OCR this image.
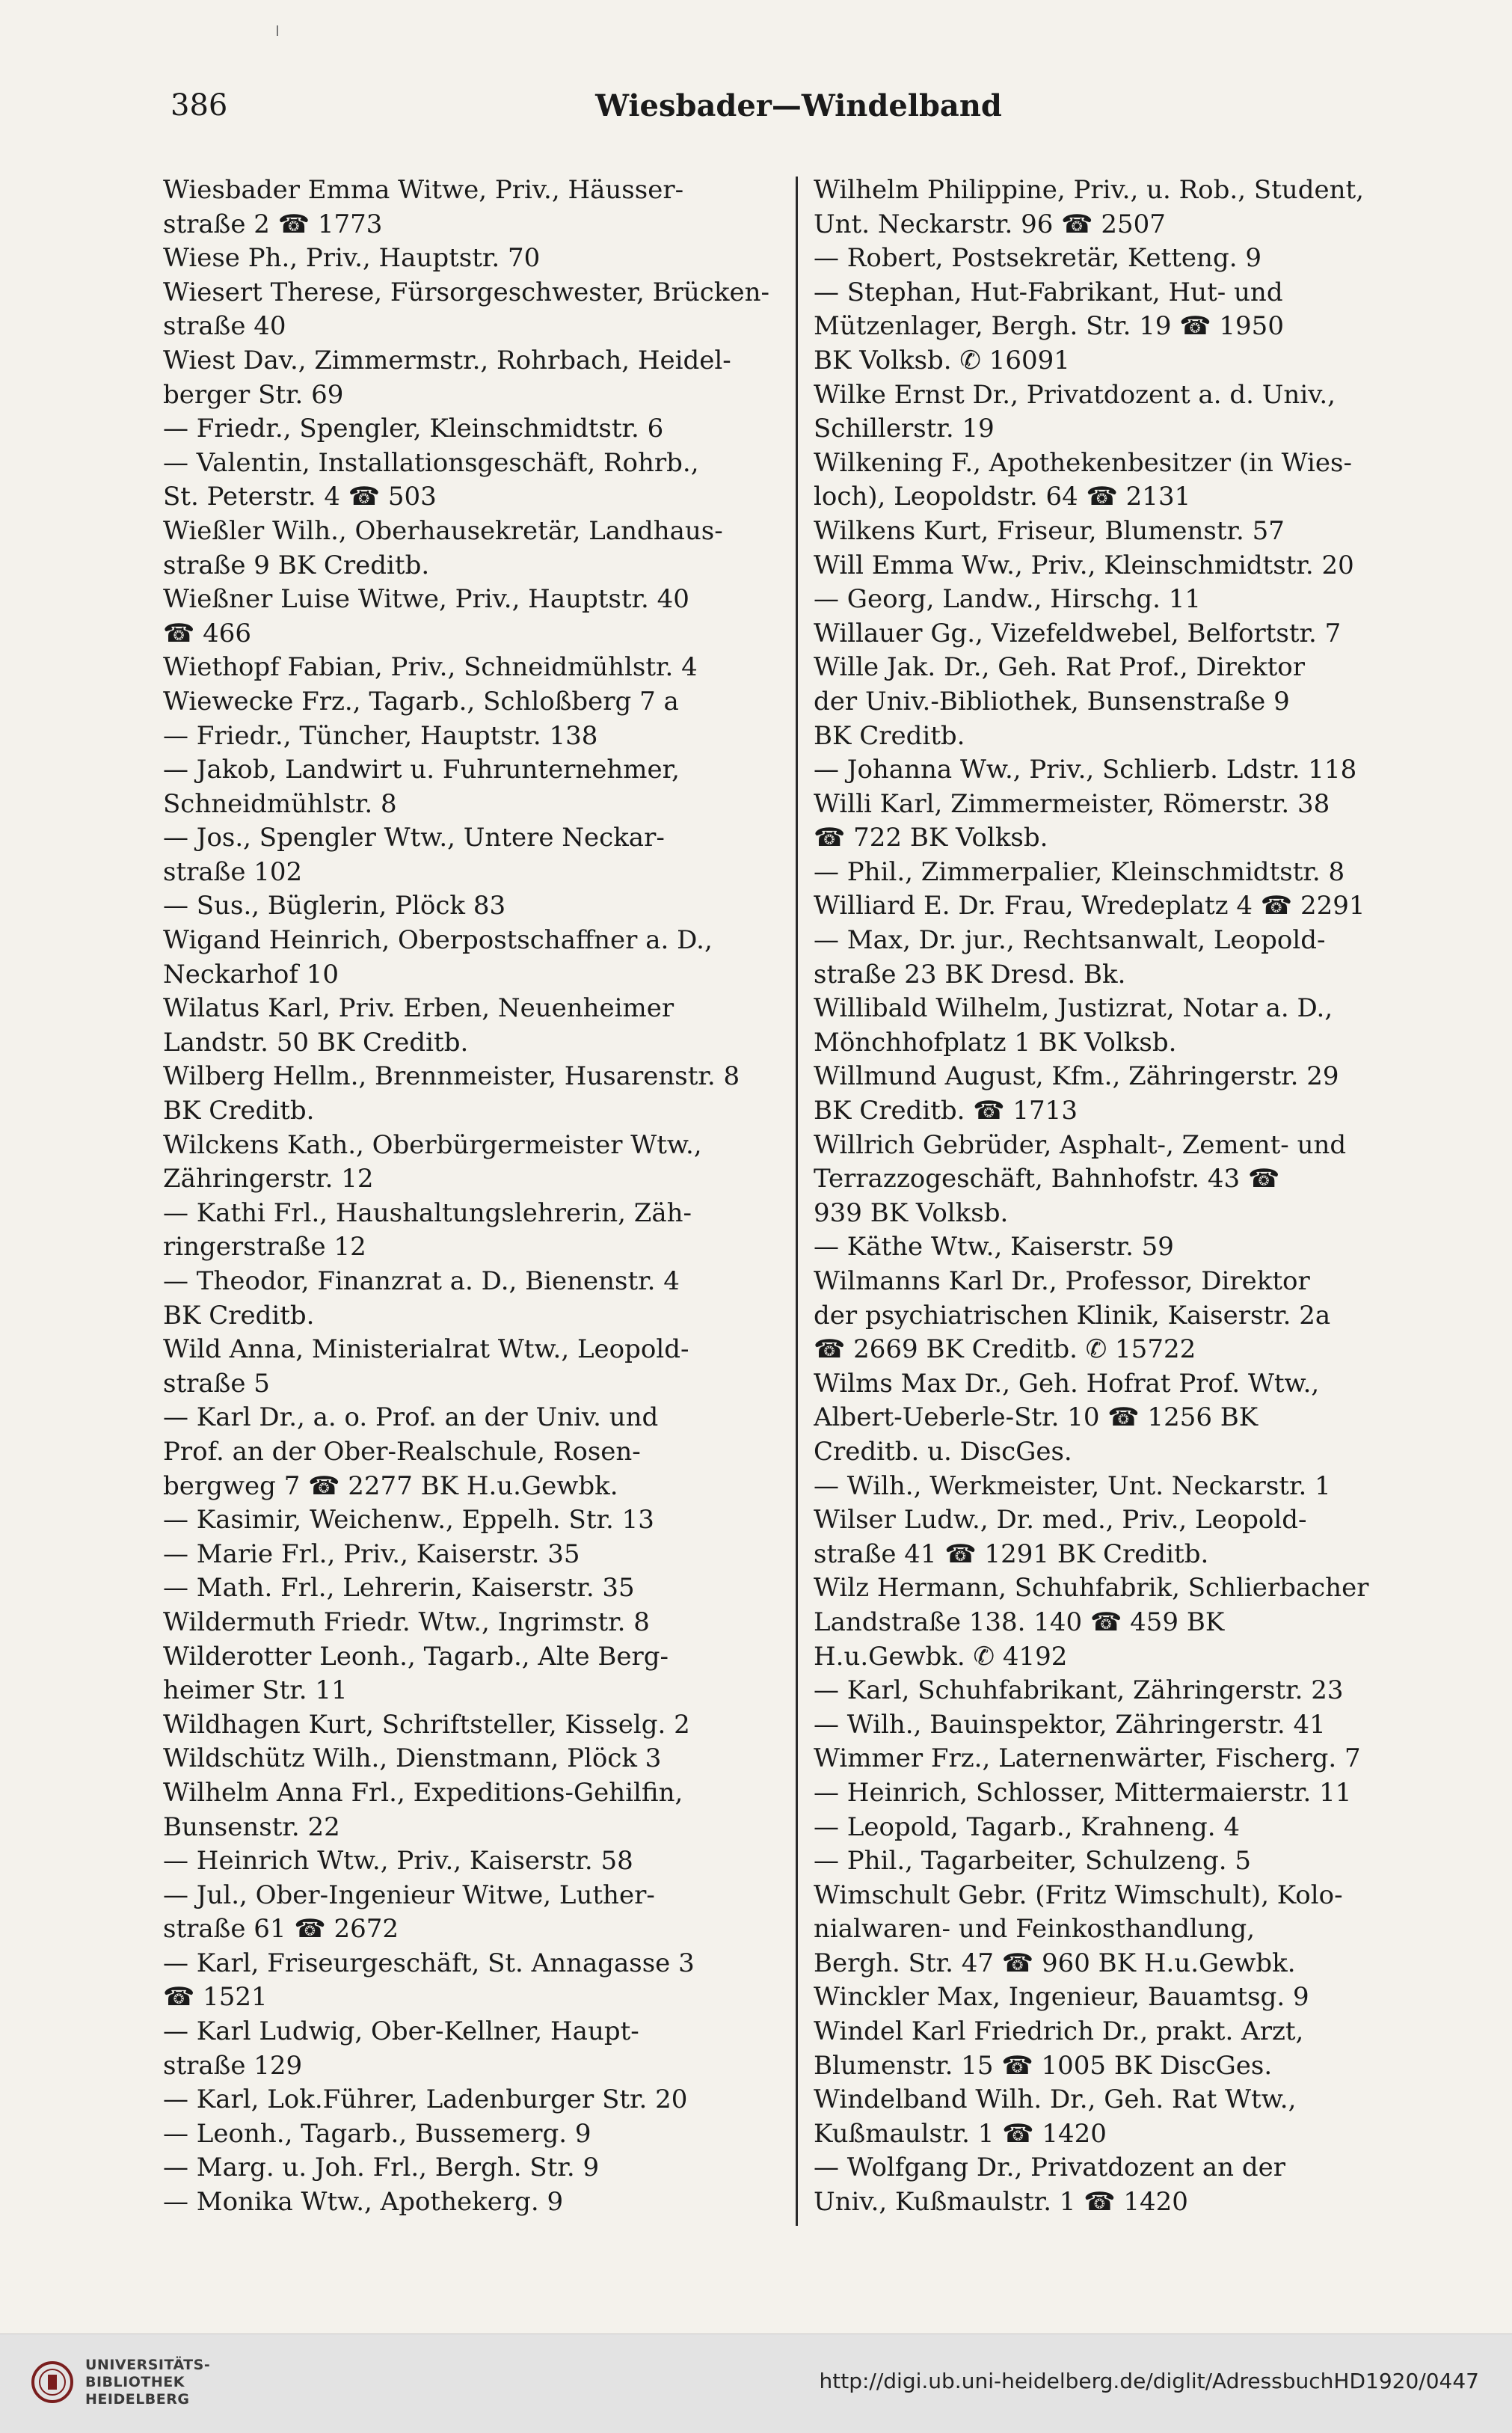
386	Wiesbader—Windelband
Wiesbader Emma Witwe, Priv., Häusser-
straße 2 ☎ 1773
Wiese Ph., Priv., Hauptstr. 70
Wiesert Therese, Fürsorgeschwester, Brücken-
straße 40
Wiest Dav., Zimmermstr., Rohrbach, Heidel-
berger Str. 69
— Friedr., Spengler, Kleinschmidtstr. 6
— Valentin, Installationsgeschäft, Rohrb.,
St. Peterstr. 4 ☎ 503
Wießler Wilh., Oberhausekretär, Landhaus-
straße 9 BK Creditb.
Wießner Luise Witwe, Priv., Hauptstr. 40
☎ 466
Wiethopf Fabian, Priv., Schneidmühlstr. 4
Wiewecke Frz., Tagarb., Schloßberg 7 a
— Friedr., Tüncher, Hauptstr. 138
— Jakob, Landwirt u. Fuhrunternehmer,
Schneidmühlstr. 8
— Jos., Spengler Wtw., Untere Neckar-
straße 102
— Sus., Büglerin, Plöck 83
Wigand Heinrich, Oberpostschaffner a. D.,
Neckarhof 10
Wilatus Karl, Priv. Erben, Neuenheimer
Landstr. 50 BK Creditb.
Wilberg Hellm., Brennmeister, Husarenstr. 8
BK Creditb.
Wilckens Kath., Oberbürgermeister Wtw.,
Zähringerstr. 12
— Kathi Frl., Haushaltungslehrerin, Zäh-
ringerstraße 12
— Theodor, Finanzrat a. D., Bienenstr. 4
BK Creditb.
Wild Anna, Ministerialrat Wtw., Leopold-
straße 5
— Karl Dr., a. o. Prof. an der Univ. und
Prof. an der Ober-Realschule, Rosen-
bergweg 7 ☎ 2277 BK H.u.Gewbk.
— Kasimir, Weichenw., Eppelh. Str. 13
— Marie Frl., Priv., Kaiserstr. 35
— Math. Frl., Lehrerin, Kaiserstr. 35
Wildermuth Friedr. Wtw., Ingrimstr. 8
Wilderotter Leonh., Tagarb., Alte Berg-
heimer Str. 11
Wildhagen Kurt, Schriftsteller, Kisselg. 2
Wildschütz Wilh., Dienstmann, Plöck 3
Wilhelm Anna Frl., Expeditions-Gehilfin,
Bunsenstr. 22
— Heinrich Wtw., Priv., Kaiserstr. 58
— Jul., Ober-Ingenieur Witwe, Luther-
straße 61 ☎ 2672
— Karl, Friseurgeschäft, St. Annagasse 3
☎ 1521
— Karl Ludwig, Ober-Kellner, Haupt-
straße 129
— Karl, Lok.Führer, Ladenburger Str. 20
— Leonh., Tagarb., Bussemerg. 9
— Marg. u. Joh. Frl., Bergh. Str. 9
— Monika Wtw., Apothekerg. 9
Wilhelm Philippine, Priv., u. Rob., Student,
Unt. Neckarstr. 96 ☎ 2507
— Robert, Postsekretär, Ketteng. 9
— Stephan, Hut-Fabrikant, Hut- und
Mützenlager, Bergh. Str. 19 ☎ 1950
BK Volksb. ✆ 16091
Wilke Ernst Dr., Privatdozent a. d. Univ.,
Schillerstr. 19
Wilkening F., Apothekenbesitzer (in Wies-
loch), Leopoldstr. 64 ☎ 2131
Wilkens Kurt, Friseur, Blumenstr. 57
Will Emma Ww., Priv., Kleinschmidtstr. 20
— Georg, Landw., Hirschg. 11
Willauer Gg., Vizefeldwebel, Belfortstr. 7
Wille Jak. Dr., Geh. Rat Prof., Direktor
der Univ.-Bibliothek, Bunsenstraße 9
BK Creditb.
— Johanna Ww., Priv., Schlierb. Ldstr. 118
Willi Karl, Zimmermeister, Römerstr. 38
☎ 722 BK Volksb.
— Phil., Zimmerpalier, Kleinschmidtstr. 8
Williard E. Dr. Frau, Wredeplatz 4 ☎ 2291
— Max, Dr. jur., Rechtsanwalt, Leopold-
straße 23 BK Dresd. Bk.
Willibald Wilhelm, Justizrat, Notar a. D.,
Mönchhofplatz 1 BK Volksb.
Willmund August, Kfm., Zähringerstr. 29
BK Creditb. ☎ 1713
Willrich Gebrüder, Asphalt-, Zement- und
Terrazzogeschäft, Bahnhofstr. 43 ☎
939 BK Volksb.
— Käthe Wtw., Kaiserstr. 59
Wilmanns Karl Dr., Professor, Direktor
der psychiatrischen Klinik, Kaiserstr. 2a
☎ 2669 BK Creditb. ✆ 15722
Wilms Max Dr., Geh. Hofrat Prof. Wtw.,
Albert-Ueberle-Str. 10 ☎ 1256 BK
Creditb. u. DiscGes.
— Wilh., Werkmeister, Unt. Neckarstr. 1
Wilser Ludw., Dr. med., Priv., Leopold-
straße 41 ☎ 1291 BK Creditb.
Wilz Hermann, Schuhfabrik, Schlierbacher
Landstraße 138. 140 ☎ 459 BK
H.u.Gewbk. ✆ 4192
— Karl, Schuhfabrikant, Zähringerstr. 23
— Wilh., Bauinspektor, Zähringerstr. 41
Wimmer Frz., Laternenwärter, Fischerg. 7
— Heinrich, Schlosser, Mittermaierstr. 11
— Leopold, Tagarb., Krahneng. 4
— Phil., Tagarbeiter, Schulzeng. 5
Wimschult Gebr. (Fritz Wimschult), Kolo-
nialwaren- und Feinkosthandlung,
Bergh. Str. 47 ☎ 960 BK H.u.Gewbk.
Winckler Max, Ingenieur, Bauamtsg. 9
Windel Karl Friedrich Dr., prakt. Arzt,
Blumenstr. 15 ☎ 1005 BK DiscGes.
Windelband Wilh. Dr., Geh. Rat Wtw.,
Kußmaulstr. 1 ☎ 1420
— Wolfgang Dr., Privatdozent an der
Univ., Kußmaulstr. 1 ☎ 1420
UNIVERSITÄTS-
BIBLIOTHEK
HEIDELBERG
http://digi.ub.uni-heidelberg.de/diglit/AdressbuchHD1920/0447
